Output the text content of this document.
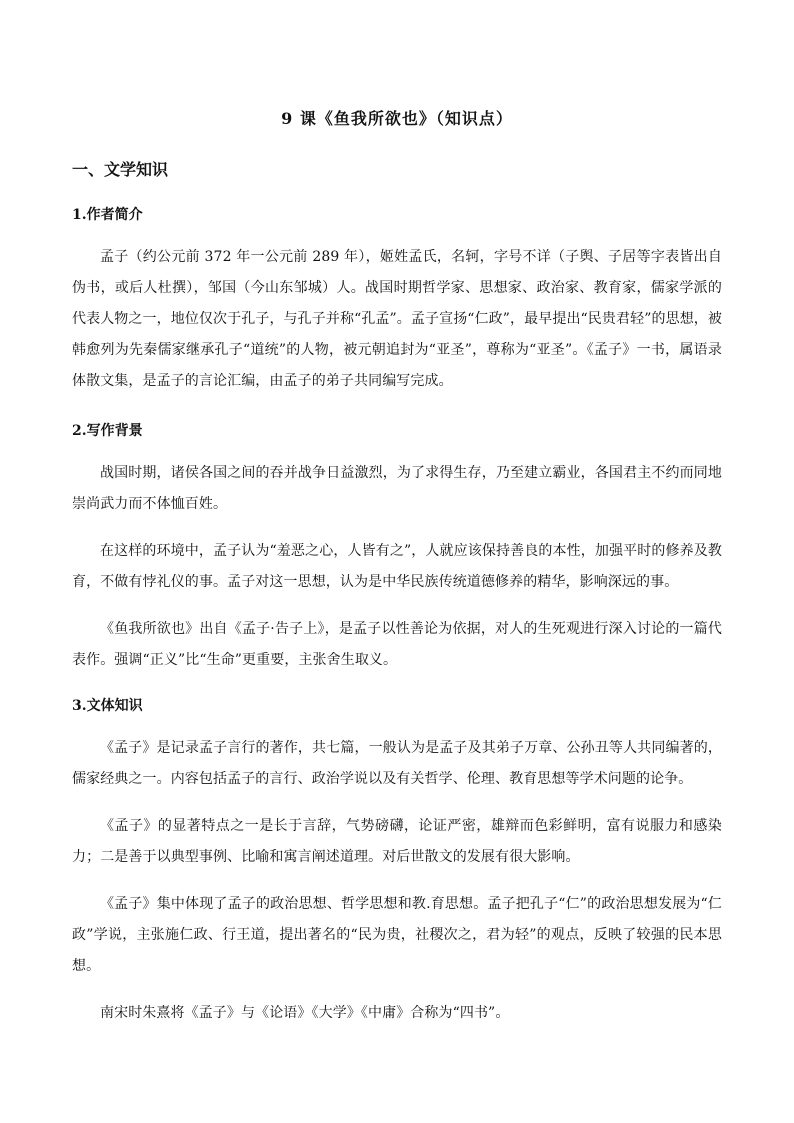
9 课《鱼我所欲也》（知识点）
一、文学知识
1.作者简介
孟子（约公元前 372 年一公元前 289 年），姬姓孟氏，名轲，字号不详（子舆、子居等字表皆出自伪书，或后人杜撰），邹国（今山东邹城）人。战国时期哲学家、思想家、政治家、教育家，儒家学派的代表人物之一，地位仅次于孔子，与孔子并称“孔孟”。孟子宣扬“仁政”，最早提出“民贵君轻”的思想，被韩愈列为先秦儒家继承孔子“道统”的人物，被元朝追封为“亚圣”，尊称为“亚圣”。《孟子》一书，属语录体散文集，是孟子的言论汇编，由孟子的弟子共同编写完成。
2.写作背景
战国时期，诸侯各国之间的吞并战争日益激烈，为了求得生存，乃至建立霸业，各国君主不约而同地崇尚武力而不体恤百姓。
在这样的环境中，孟子认为“羞恶之心，人皆有之”，人就应该保持善良的本性，加强平时的修养及教育，不做有悖礼仪的事。孟子对这一思想，认为是中华民族传统道德修养的精华，影响深远的事。
《鱼我所欲也》出自《孟子·告子上》，是孟子以性善论为依据，对人的生死观进行深入讨论的一篇代表作。强调“正义”比“生命”更重要，主张舍生取义。
3.文体知识
《孟子》是记录孟子言行的著作，共七篇，一般认为是孟子及其弟子万章、公孙丑等人共同编著的，儒家经典之一。内容包括孟子的言行、政治学说以及有关哲学、伦理、教育思想等学术问题的论争。
《孟子》的显著特点之一是长于言辞，气势磅礴，论证严密，雄辩而色彩鲜明，富有说服力和感染力；二是善于以典型事例、比喻和寓言阐述道理。对后世散文的发展有很大影响。
《孟子》集中体现了孟子的政治思想、哲学思想和教.育思想。孟子把孔子“仁”的政治思想发展为“仁政”学说，主张施仁政、行王道，提出著名的“民为贵，社稷次之，君为轻”的观点，反映了较强的民本思想。
南宋时朱熹将《孟子》与《论语》《大学》《中庸》合称为“四书”。
